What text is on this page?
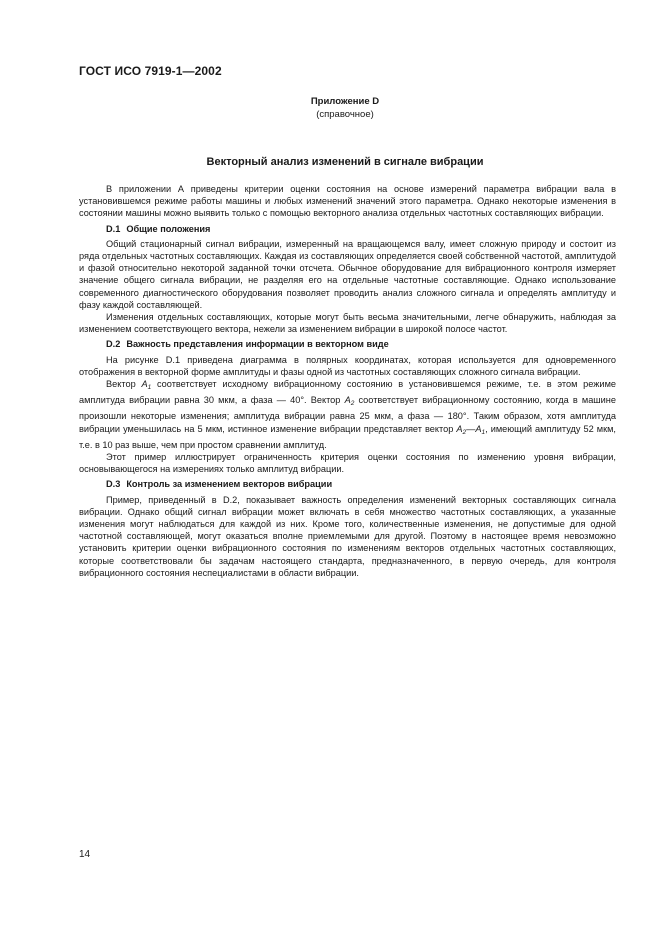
ГОСТ ИСО 7919-1—2002
Приложение D
(справочное)
Векторный анализ изменений в сигнале вибрации

В приложении А приведены критерии оценки состояния на основе измерений параметра вибрации вала в установившемся режиме работы машины и любых изменений значений этого параметра. Однако некоторые изменения в состоянии машины можно выявить только с помощью векторного анализа отдельных частотных составляющих вибрации.

D.1 Общие положения

Общий стационарный сигнал вибрации, измеренный на вращающемся валу, имеет сложную природу и состоит из ряда отдельных частотных составляющих. Каждая из составляющих определяется своей собственной частотой, амплитудой и фазой относительно некоторой заданной точки отсчета. Обычное оборудование для вибрационного контроля измеряет значение общего сигнала вибрации, не разделяя его на отдельные частотные составляющие. Однако использование современного диагностического оборудования позволяет проводить анализ сложного сигнала и определять амплитуду и фазу каждой составляющей.

Изменения отдельных составляющих, которые могут быть весьма значительными, легче обнаружить, наблюдая за изменением соответствующего вектора, нежели за изменением вибрации в широкой полосе частот.

D.2 Важность представления информации в векторном виде

На рисунке D.1 приведена диаграмма в полярных координатах, которая используется для одновременного отображения в векторной форме амплитуды и фазы одной из частотных составляющих сложного сигнала вибрации.

Вектор $A_1$ соответствует исходному вибрационному состоянию в установившемся режиме, т.е. в этом режиме амплитуда вибрации равна 30 мкм, а фаза — 40°. Вектор $A_2$ соответствует вибрационному состоянию, когда в машине произошли некоторые изменения; амплитуда вибрации равна 25 мкм, а фаза — 180°. Таким образом, хотя амплитуда вибрации уменьшилась на 5 мкм, истинное изменение вибрации представляет вектор $A_2—A_1$, имеющий амплитуду 52 мкм, т.е. в 10 раз выше, чем при простом сравнении амплитуд.

Этот пример иллюстрирует ограниченность критерия оценки состояния по изменению уровня вибрации, основывающегося на измерениях только амплитуд вибрации.

D.3 Контроль за изменением векторов вибрации

Пример, приведенный в D.2, показывает важность определения изменений векторных составляющих сигнала вибрации. Однако общий сигнал вибрации может включать в себя множество частотных составляющих, а указанные изменения могут наблюдаться для каждой из них. Кроме того, количественные изменения, не допустимые для одной частотной составляющей, могут оказаться вполне приемлемыми для другой. Поэтому в настоящее время невозможно установить критерии оценки вибрационного состояния по изменениям векторов отдельных частотных составляющих, которые соответствовали бы задачам настоящего стандарта, предназначенного, в первую очередь, для контроля вибрационного состояния неспециалистами в области вибрации.

14
